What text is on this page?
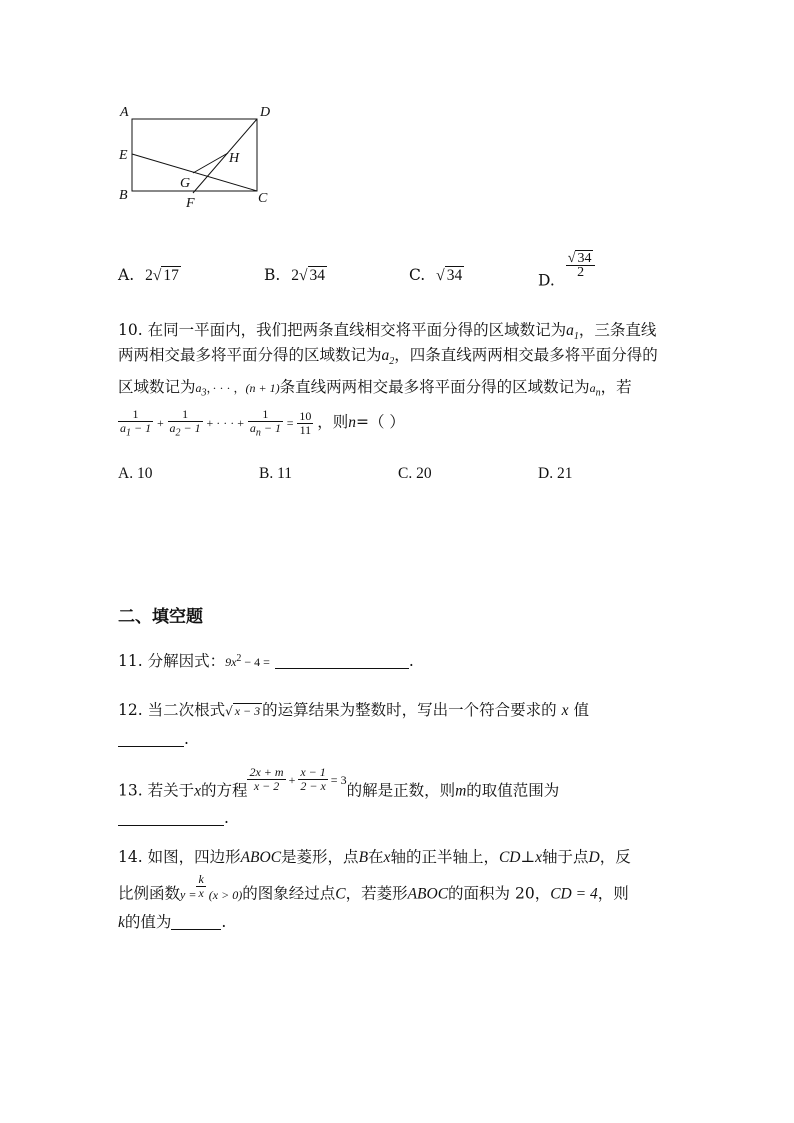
A	D
E	H
G
B
F	C
A. 2√ 17	B. 2√ 34	C. √ 34	D.
$\frac{√ 34}{2}$
10. 在同一平面内，我们把两条直线相交将平面分得的区域数记为$a_1$，三条直线
两两相交最多将平面分得的区域数记为$a_2$，四条直线两两相交最多将平面分得的
区域数记为$a_3$，· · · ，(n + 1)条直线两两相交最多将平面分得的区域数记为$a_n$，若
$\frac{1}{a_1 - 1} + \frac{1}{a_2 - 1}$ + · · · + $\frac{1}{a_n - 1} = \frac{10}{11}$ ，则n=（ ）
A. 10	B. 11	C. 20	D. 21
二、填空题
11. 分解因式：$9x^2 - 4$ =	.
12. 当二次根式√ x − 3 的运算结果为整数时，写出一个符合要求的 x 值
.
13. 若关于x的方程 $\frac{2x + m}{x - 2} + \frac{x - 1}{2 - x} = 3$的解是正数，则m的取值范围为
.
14. 如图，四边形ABOC是菱形，点B在x轴的正半轴上，CD⊥x轴于点D，反
比例函数$_{y =} \frac{k}{x} _{(x > 0)}$的图象经过点C，若菱形ABOC的面积为 20，CD = 4，则
k的值为	.
